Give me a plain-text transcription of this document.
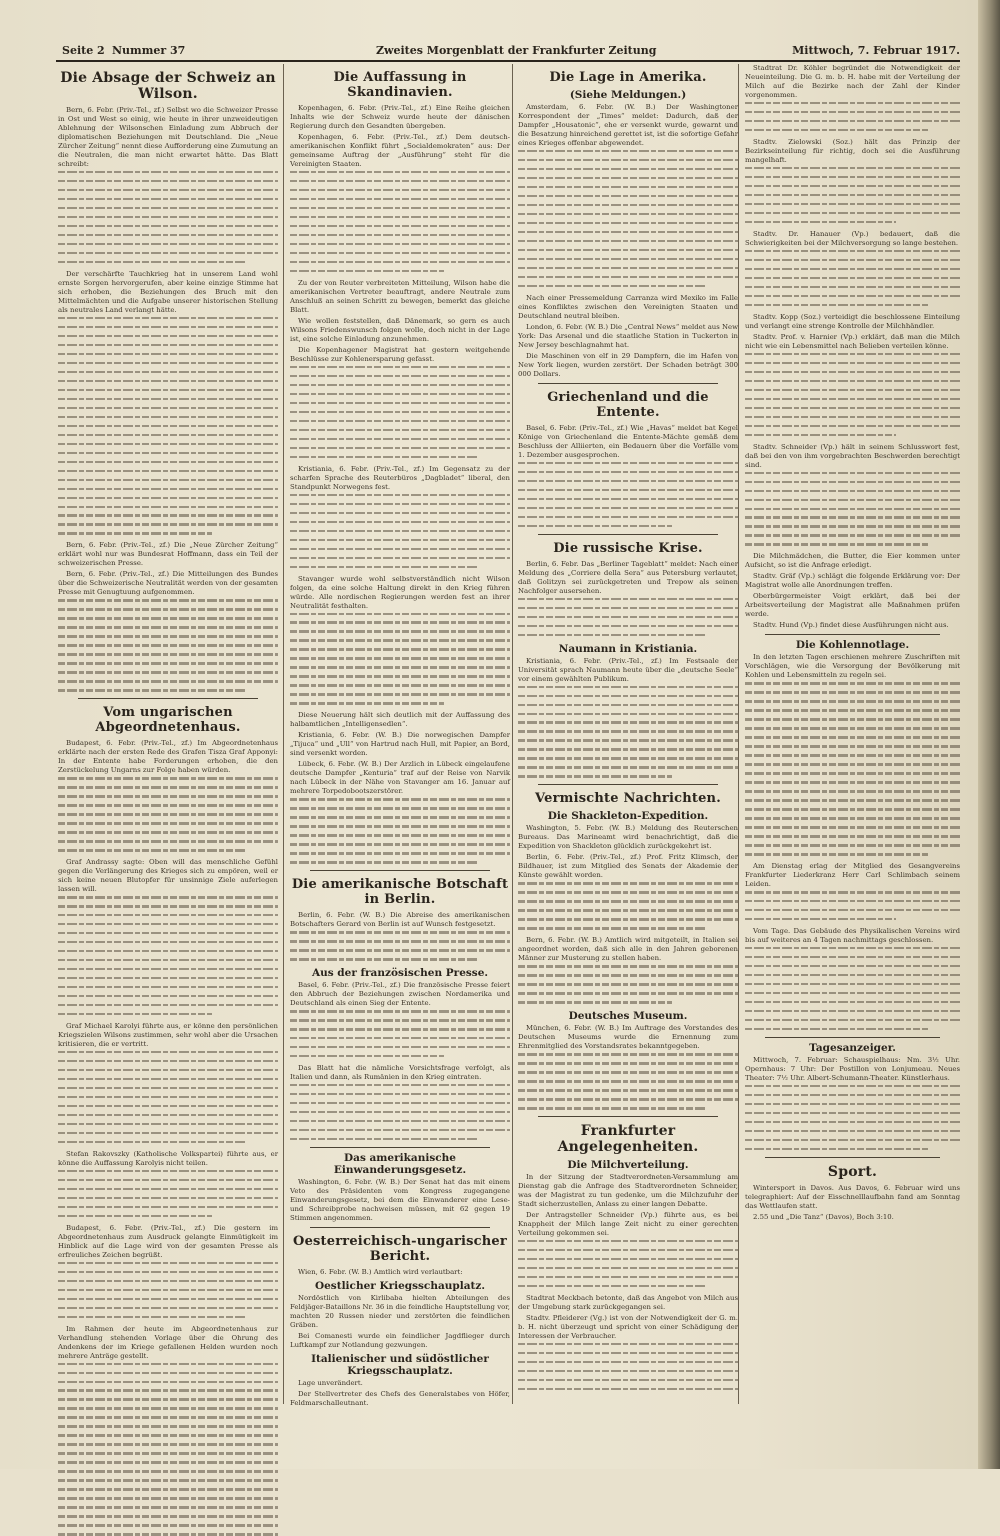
Seite 2 Nummer 37	Zweites Morgenblatt der Frankfurter Zeitung	Mittwoch, 7. Februar 1917.
Die Absage der Schweiz an Wilson.

Bern, 6. Febr. (Priv.-Tel., zf.) Selbst wo die Schweizer Presse in Ost und West so einig, wie heute in ihrer unzweideutigen Ablehnung der Wilsonschen Einladung zum Abbruch der diplomatischen Beziehungen mit Deutschland. Die „Neue Zürcher Zeitung“ nennt diese Aufforderung eine Zumutung an die Neutralen, die man nicht erwartet hätte. Das Blatt schreibt:

Der verschärfte Tauchkrieg hat in unserem Land wohl ernste Sorgen hervorgerufen, aber keine einzige Stimme hat sich erhoben, die Beziehungen des Bruch mit den Mittelmächten und die Aufgabe unserer historischen Stellung als neutrales Land verlangt hätte.

Bern, 6. Febr. (Priv.-Tel., zf.) Die „Neue Zürcher Zeitung“ erklärt wohl nur was Bundesrat Hoffmann, dass ein Teil der schweizerischen Presse.

Bern, 6. Febr. (Priv.-Tel., zf.) Die Mitteilungen des Bundes über die Schweizerische Neutralität werden von der gesamten Presse mit Genugtuung aufgenommen.

Vom ungarischen Abgeordnetenhaus.

Budapest, 6. Febr. (Priv.-Tel., zf.) Im Abgeordnetenhaus erklärte nach der ersten Rede des Grafen Tisza Graf Apponyi: In der Entente habe Forderungen erhoben, die den Zerstückelung Ungarns zur Folge haben würden.

Graf Andrassy sagte: Oben will das menschliche Gefühl gegen die Verlängerung des Krieges sich zu empören, weil er sich keine neuen Blutopfer für unsinnige Ziele auferlegen lassen will.

Graf Michael Karolyi führte aus, er könne den persönlichen Kriegszielen Wilsons zustimmen, sehr wohl aber die Ursachen kritisieren, die er vertritt.

Stefan Rakovszky (Katholische Volkspartei) führte aus, er könne die Auffassung Karolyis nicht teilen.

Budapest, 6. Febr. (Priv.-Tel., zf.) Die gestern im Abgeordnetenhaus zum Ausdruck gelangte Einmütigkeit im Hinblick auf die Lage wird von der gesamten Presse als erfreuliches Zeichen begrüßt.

Im Rahmen der heute im Abgeordnetenhaus zur Verhandlung stehenden Vorlage über die Ohrung des Andenkens der im Kriege gefallenen Helden wurden noch mehrere Anträge gestellt.

Die Auffassung in Skandinavien.

Kopenhagen, 6. Febr. (Priv.-Tel., zf.) Eine Reihe gleichen Inhalts wie der Schweiz wurde heute der dänischen Regierung durch den Gesandten übergeben.

Kopenhagen, 6. Febr. (Priv.-Tel., zf.) Dem deutsch-amerikanischen Konflikt führt „Socialdemokraten“ aus: Der gemeinsame Auftrag der „Ausführung“ steht für die Vereinigten Staaten.

Zu der von Reuter verbreiteten Mitteilung, Wilson habe die amerikanischen Vertreter beauftragt, andere Neutrale zum Anschluß an seinen Schritt zu bewegen, bemerkt das gleiche Blatt.

Wie wollen feststellen, daß Dänemark, so gern es auch Wilsons Friedenswunsch folgen wolle, doch nicht in der Lage ist, eine solche Einladung anzunehmen.

Die Kopenhagener Magistrat hat gestern weitgehende Beschlüsse zur Kohlenersparung gefasst.

Kristiania, 6. Febr. (Priv.-Tel., zf.) Im Gegensatz zu der scharfen Sprache des Reuterbüros „Dagbladet“ liberal, den Standpunkt Norwegens fest.

Stavanger wurde wohl selbstverständlich nicht Wilson folgen, da eine solche Haltung direkt in den Krieg führen würde. Alle nordischen Regierungen werden fest an ihrer Neutralität festhalten.

Diese Neuerung hält sich deutlich mit der Auffassung des halbamtlichen „Intelligensedlen“.

Kristiania, 6. Febr. (W. B.) Die norwegischen Dampfer „Tijuca“ und „Ull“ von Hartrud nach Hull, mit Papier, an Bord, sind versenkt worden.

Lübeck, 6. Febr. (W. B.) Der Arzlich in Lübeck eingelaufene deutsche Dampfer „Kenturia“ traf auf der Reise von Narvik nach Lübeck in der Nähe von Stavanger am 16. Januar auf mehrere Torpedobootszerstörer.

Die amerikanische Botschaft in Berlin.

Berlin, 6. Febr. (W. B.) Die Abreise des amerikanischen Botschafters Gerard von Berlin ist auf Wunsch festgesetzt.

Aus der französischen Presse.

Basel, 6. Febr. (Priv.-Tel., zf.) Die französische Presse feiert den Abbruch der Beziehungen zwischen Nordamerika und Deutschland als einen Sieg der Entente.

Das Blatt hat die nämliche Vorsichtsfrage verfolgt, als Italien und dann, als Rumänien in den Krieg eintraten.

Das amerikanische Einwanderungsgesetz.

Washington, 6. Febr. (W. B.) Der Senat hat das mit einem Veto des Präsidenten vom Kongress zugegangene Einwanderungsgesetz, bei dem die Einwanderer eine Lese- und Schreibprobe nachweisen müssen, mit 62 gegen 19 Stimmen angenommen.

Oesterreichisch-ungarischer Bericht.

Wien, 6. Febr. (W. B.) Amtlich wird verlautbart:

Oestlicher Kriegsschauplatz.

Nordöstlich von Kirlibaba hielten Abteilungen des Feldjäger-Bataillons Nr. 36 in die feindliche Hauptstellung vor, machten 20 Russen nieder und zerstörten die feindlichen Gräben.

Bei Comanesti wurde ein feindlicher Jagdflieger durch Luftkampf zur Notlandung gezwungen.

Italienischer und südöstlicher Kriegsschauplatz.

Lage unverändert.

Der Stellvertreter des Chefs des Generalstabes von Höfer, Feldmarschalleutnant.

Die Lage in Amerika.
(Siehe Meldungen.)

Amsterdam, 6. Febr. (W. B.) Der Washingtoner Korrespondent der „Times“ meldet: Dadurch, daß der Dampfer „Housatonic“, ehe er versenkt wurde, gewarnt und die Besatzung hinreichend gerettet ist, ist die sofortige Gefahr eines Krieges offenbar abgewendet.

Nach einer Pressemeldung Carranza wird Mexiko im Falle eines Konfliktes zwischen den Vereinigten Staaten und Deutschland neutral bleiben.

London, 6. Febr. (W. B.) Die „Central News“ meldet aus New York: Das Arsenal und die staatliche Station in Tuckerton in New Jersey beschlagnahmt hat.

Die Maschinen von elf in 29 Dampfern, die im Hafen von New York liegen, wurden zerstört. Der Schaden beträgt 300 000 Dollars.

Griechenland und die Entente.

Basel, 6. Febr. (Priv.-Tel., zf.) Wie „Havas“ meldet bat Kegel Könige von Griechenland die Entente-Mächte gemäß dem Beschluss der Alliierten, ein Bedauern über die Vorfälle vom 1. Dezember ausgesprochen.

Die russische Krise.

Berlin, 6. Febr. Das „Berliner Tageblatt“ meldet: Nach einer Meldung des „Corriere della Sera“ aus Petersburg verlautet, daß Golitzyn sei zurückgetreten und Trepow als seinen Nachfolger ausersehen.

Naumann in Kristiania.

Kristiania, 6. Febr. (Priv.-Tel., zf.) Im Festsaale der Universität sprach Naumann heute über die „deutsche Seele“ vor einem gewählten Publikum.

Vermischte Nachrichten.
Die Shackleton-Expedition.

Washington, 5. Febr. (W. B.) Meldung des Reuterschen Bureaus. Das Marineamt wird benachrichtigt, daß die Expedition von Shackleton glücklich zurückgekehrt ist.

Berlin, 6. Febr. (Priv.-Tel., zf.) Prof. Fritz Klimsch, der Bildhauer, ist zum Mitglied des Senats der Akademie der Künste gewählt worden.

Bern, 6. Febr. (W. B.) Amtlich wird mitgeteilt, in Italien sei angeordnet worden, daß sich alle in den Jahren geborenen Männer zur Musterung zu stellen haben.

Deutsches Museum.

München, 6. Febr. (W. B.) Im Auftrage des Vorstandes des Deutschen Museums wurde die Ernennung zum Ehrenmitglied des Vorstandsrates bekanntgegeben.

Frankfurter Angelegenheiten.
Die Milchverteilung.

In der Sitzung der Stadtverordneten-Versammlung am Dienstag gab die Anfrage des Stadtverordneten Schneider, was der Magistrat zu tun gedenke, um die Milchzufuhr der Stadt sicherzustellen, Anlass zu einer langen Debatte.

Der Antragsteller Schneider (Vp.) führte aus, es bei Knappheit der Milch lange Zeit nicht zu einer gerechten Verteilung gekommen sei.

Stadtrat Meckbach betonte, daß das Angebot von Milch aus der Umgebung stark zurückgegangen sei.

Stadtv. Pfleiderer (Vg.) ist von der Notwendigkeit der G. m. b. H. nicht überzeugt und spricht von einer Schädigung der Interessen der Verbraucher.

Stadtrat Dr. Köhler begründet die Notwendigkeit der Neueinteilung. Die G. m. b. H. habe mit der Verteilung der Milch auf die Bezirke nach der Zahl der Kinder vorgenommen.

Stadtv. Zielowski (Soz.) hält das Prinzip der Bezirkseinteilung für richtig, doch sei die Ausführung mangelhaft.

Stadtv. Dr. Hanauer (Vp.) bedauert, daß die Schwierigkeiten bei der Milchversorgung so lange bestehen.

Stadtv. Kopp (Soz.) verteidigt die beschlossene Einteilung und verlangt eine strenge Kontrolle der Milchhändler.

Stadtv. Prof. v. Harnier (Vp.) erklärt, daß man die Milch nicht wie ein Lebensmittel nach Belieben verteilen könne.

Stadtv. Schneider (Vp.) hält in seinem Schlusswort fest, daß bei den von ihm vorgebrachten Beschwerden berechtigt sind.

Die Milchmädchen, die Butter, die Eier kommen unter Aufsicht, so ist die Anfrage erledigt.

Stadtv. Gräf (Vp.) schlägt die folgende Erklärung vor: Der Magistrat wolle alle Anordnungen treffen.

Oberbürgermeister Voigt erklärt, daß bei der Arbeitsverteilung der Magistrat alle Maßnahmen prüfen werde.

Stadtv. Hund (Vp.) findet diese Ausführungen nicht aus.

Die Kohlennotlage.

In den letzten Tagen erschienen mehrere Zuschriften mit Vorschlägen, wie die Versorgung der Bevölkerung mit Kohlen und Lebensmitteln zu regeln sei.

Am Dienstag erlag der Mitglied des Gesangvereins Frankfurter Liederkranz Herr Carl Schlimbach seinem Leiden.

Vom Tage. Das Gebäude des Physikalischen Vereins wird bis auf weiteres an 4 Tagen nachmittags geschlossen.

Tagesanzeiger.

Mittwoch, 7. Februar: Schauspielhaus: Nm. 3½ Uhr. Opernhaus: 7 Uhr: Der Postillon von Lonjumeau. Neues Theater: 7½ Uhr. Albert-Schumann-Theater. Künstlerhaus.

Sport.

Wintersport in Davos. Aus Davos, 6. Februar wird uns telegraphiert: Auf der Eisschnelllaufbahn fand am Sonntag das Wettlaufen statt.

2.55 und „Die Tanz“ (Davos), Boch 3:10.
